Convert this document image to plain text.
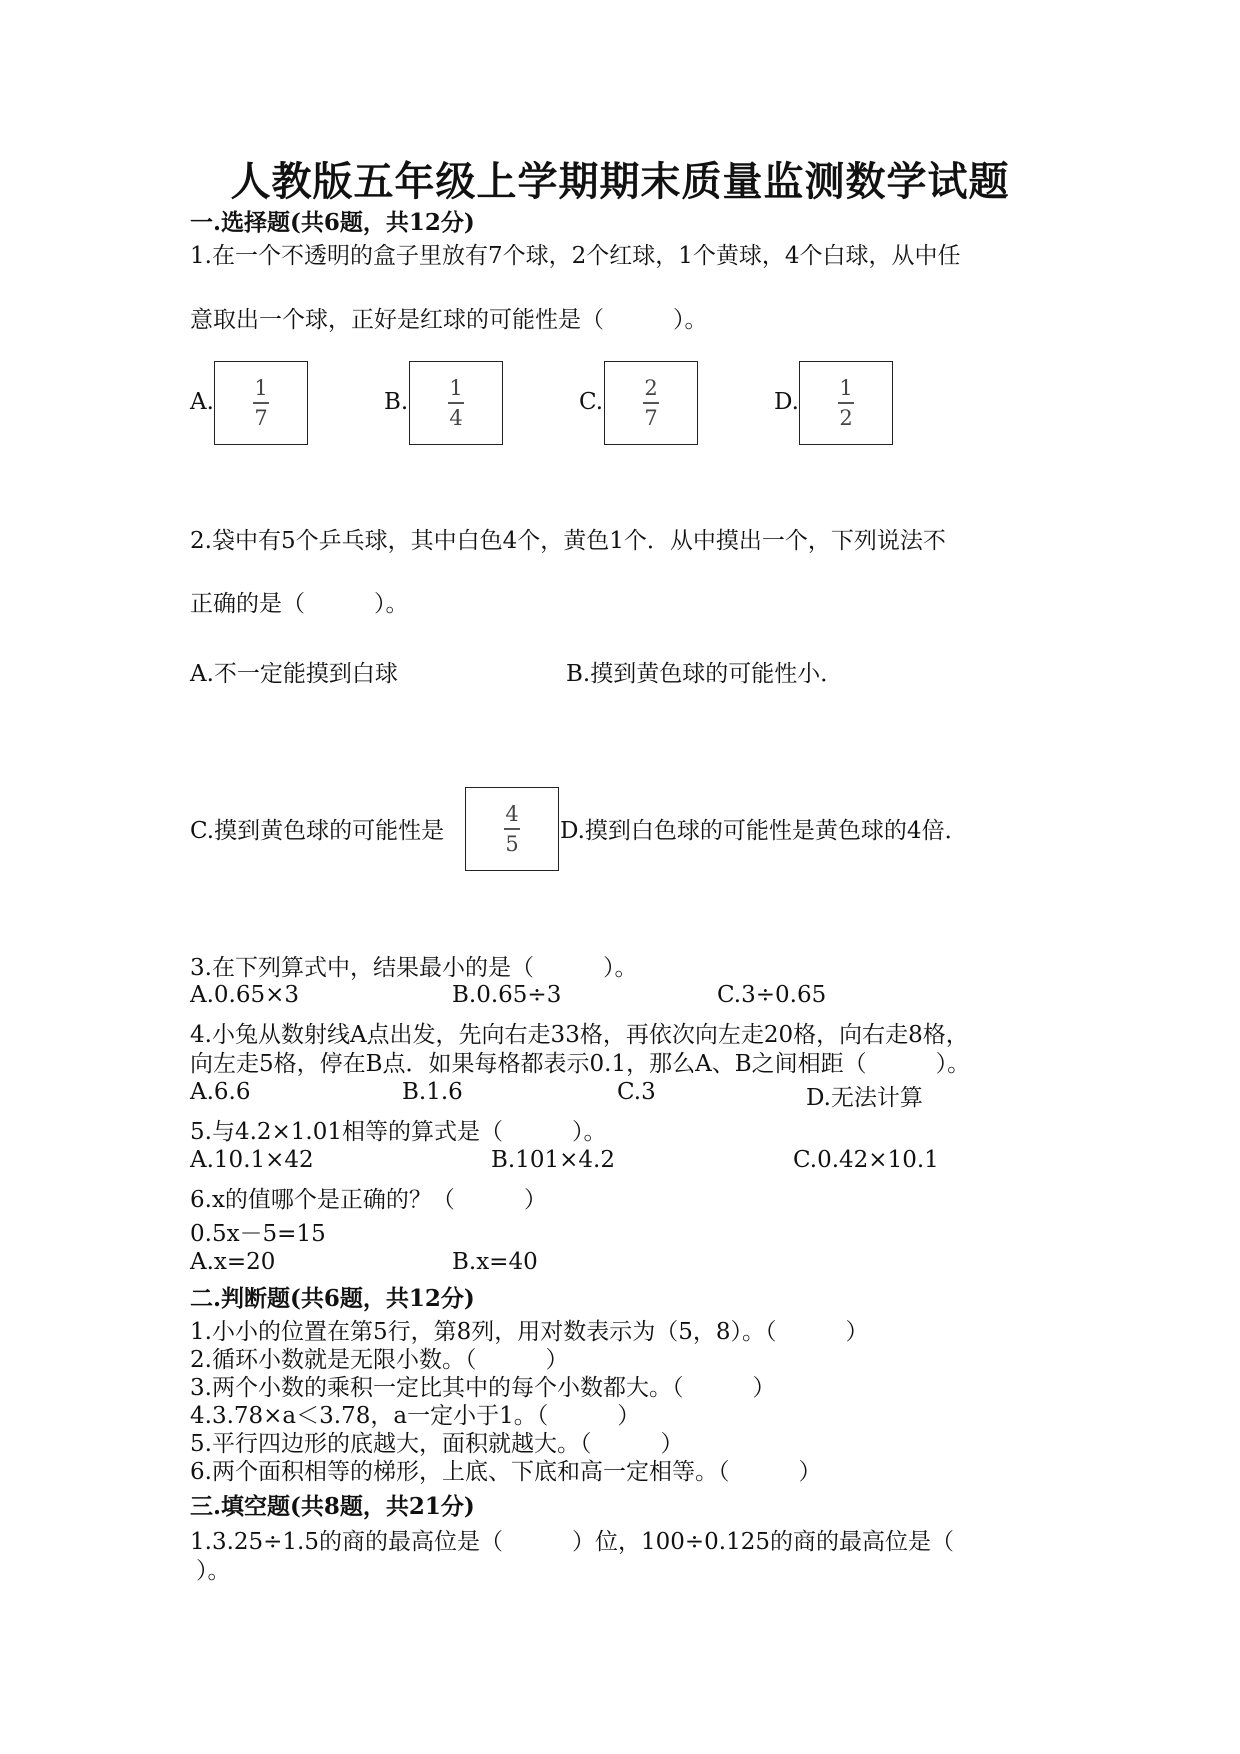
人教版五年级上学期期末质量监测数学试题
一.选择题(共6题，共12分)
1.在一个不透明的盒子里放有7个球，2个红球，1个黄球，4个白球，从中任
意取出一个球，正好是红球的可能性是（　　　）。
A.
1
7
B.
1
4
C.
2
7
D.
1
2
2.袋中有5个乒乓球，其中白色4个，黄色1个．从中摸出一个，下列说法不
正确的是（　　　）。
A.不一定能摸到白球	B.摸到黄色球的可能性小．
C.摸到黄色球的可能性是
4
5	D.摸到白色球的可能性是黄色球的4倍．
3.在下列算式中，结果最小的是（　　　）。
A.0.65×3	B.0.65÷3	C.3÷0.65
4.小兔从数射线A点出发，先向右走33格，再依次向左走20格，向右走8格，
向左走5格，停在B点．如果每格都表示0.1，那么A、B之间相距（　　　）。
A.6.6	B.1.6	C.3	D.无法计算
5.与4.2×1.01相等的算式是（　　　）。
A.10.1×42	B.101×4.2	C.0.42×10.1
6.x的值哪个是正确的？（　　　）
0.5x－5=15
A.x=20	B.x=40
二.判断题(共6题，共12分)
1.小小的位置在第5行，第8列，用对数表示为（5，8）。（　　　）
2.循环小数就是无限小数。（　　　）
3.两个小数的乘积一定比其中的每个小数都大。（　　　）
4.3.78×a＜3.78，a一定小于1。（　　　）
5.平行四边形的底越大，面积就越大。（　　　）
6.两个面积相等的梯形，上底、下底和高一定相等。（　　　）
三.填空题(共8题，共21分)
1.3.25÷1.5的商的最高位是（　　　）位，100÷0.125的商的最高位是（
）。
